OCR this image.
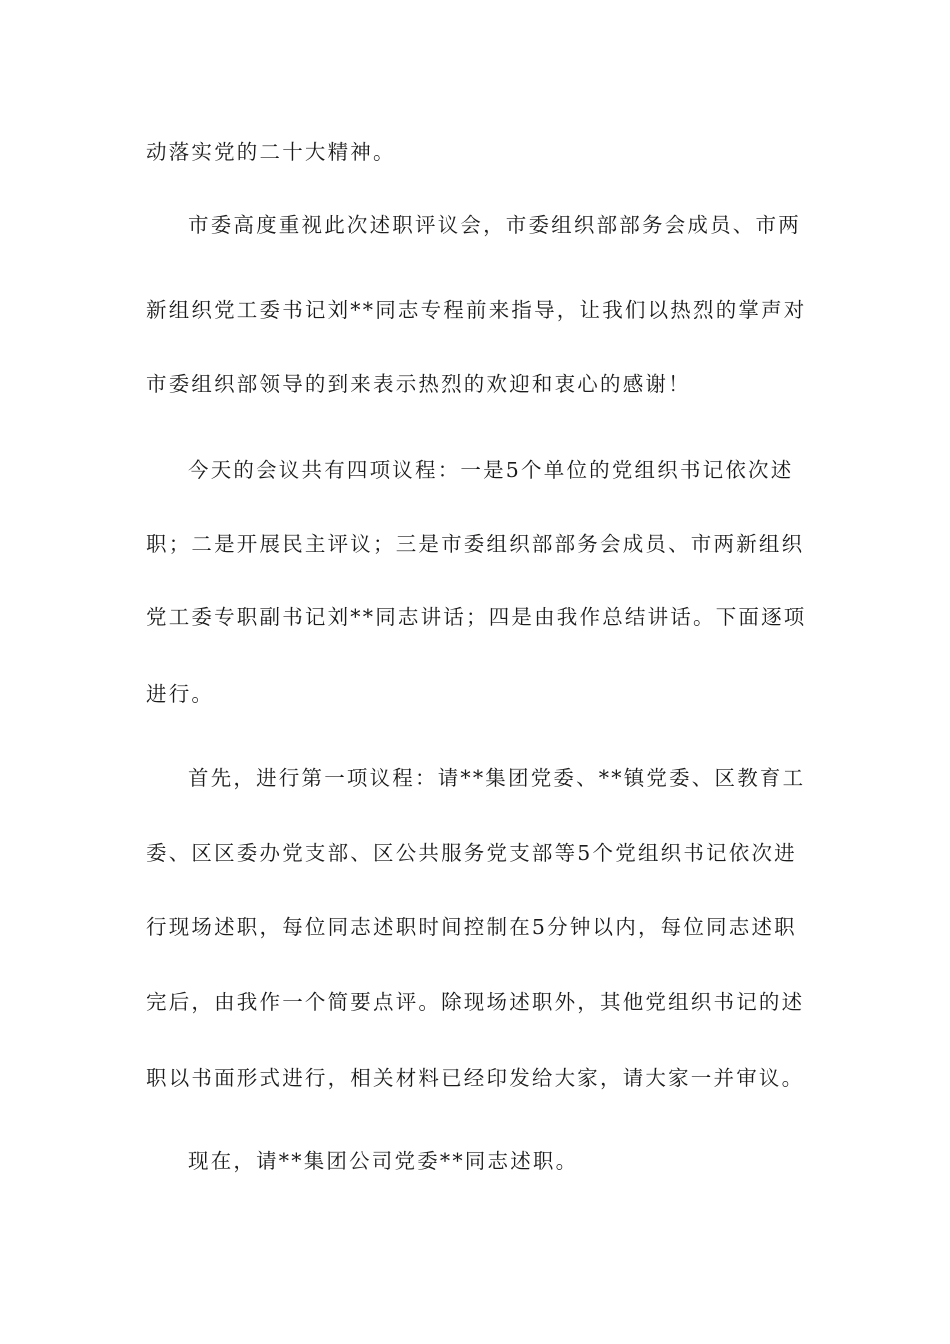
动落实党的二十大精神。
市委高度重视此次述职评议会，市委组织部部务会成员、市两
新组织党工委书记刘**同志专程前来指导，让我们以热烈的掌声对
市委组织部领导的到来表示热烈的欢迎和衷心的感谢！
今天的会议共有四项议程：一是5个单位的党组织书记依次述
职；二是开展民主评议；三是市委组织部部务会成员、市两新组织
党工委专职副书记刘**同志讲话；四是由我作总结讲话。下面逐项
进行。
首先，进行第一项议程：请**集团党委、**镇党委、区教育工
委、区区委办党支部、区公共服务党支部等5个党组织书记依次进
行现场述职，每位同志述职时间控制在5分钟以内，每位同志述职
完后，由我作一个简要点评。除现场述职外，其他党组织书记的述
职以书面形式进行，相关材料已经印发给大家，请大家一并审议。
现在，请**集团公司党委**同志述职。
